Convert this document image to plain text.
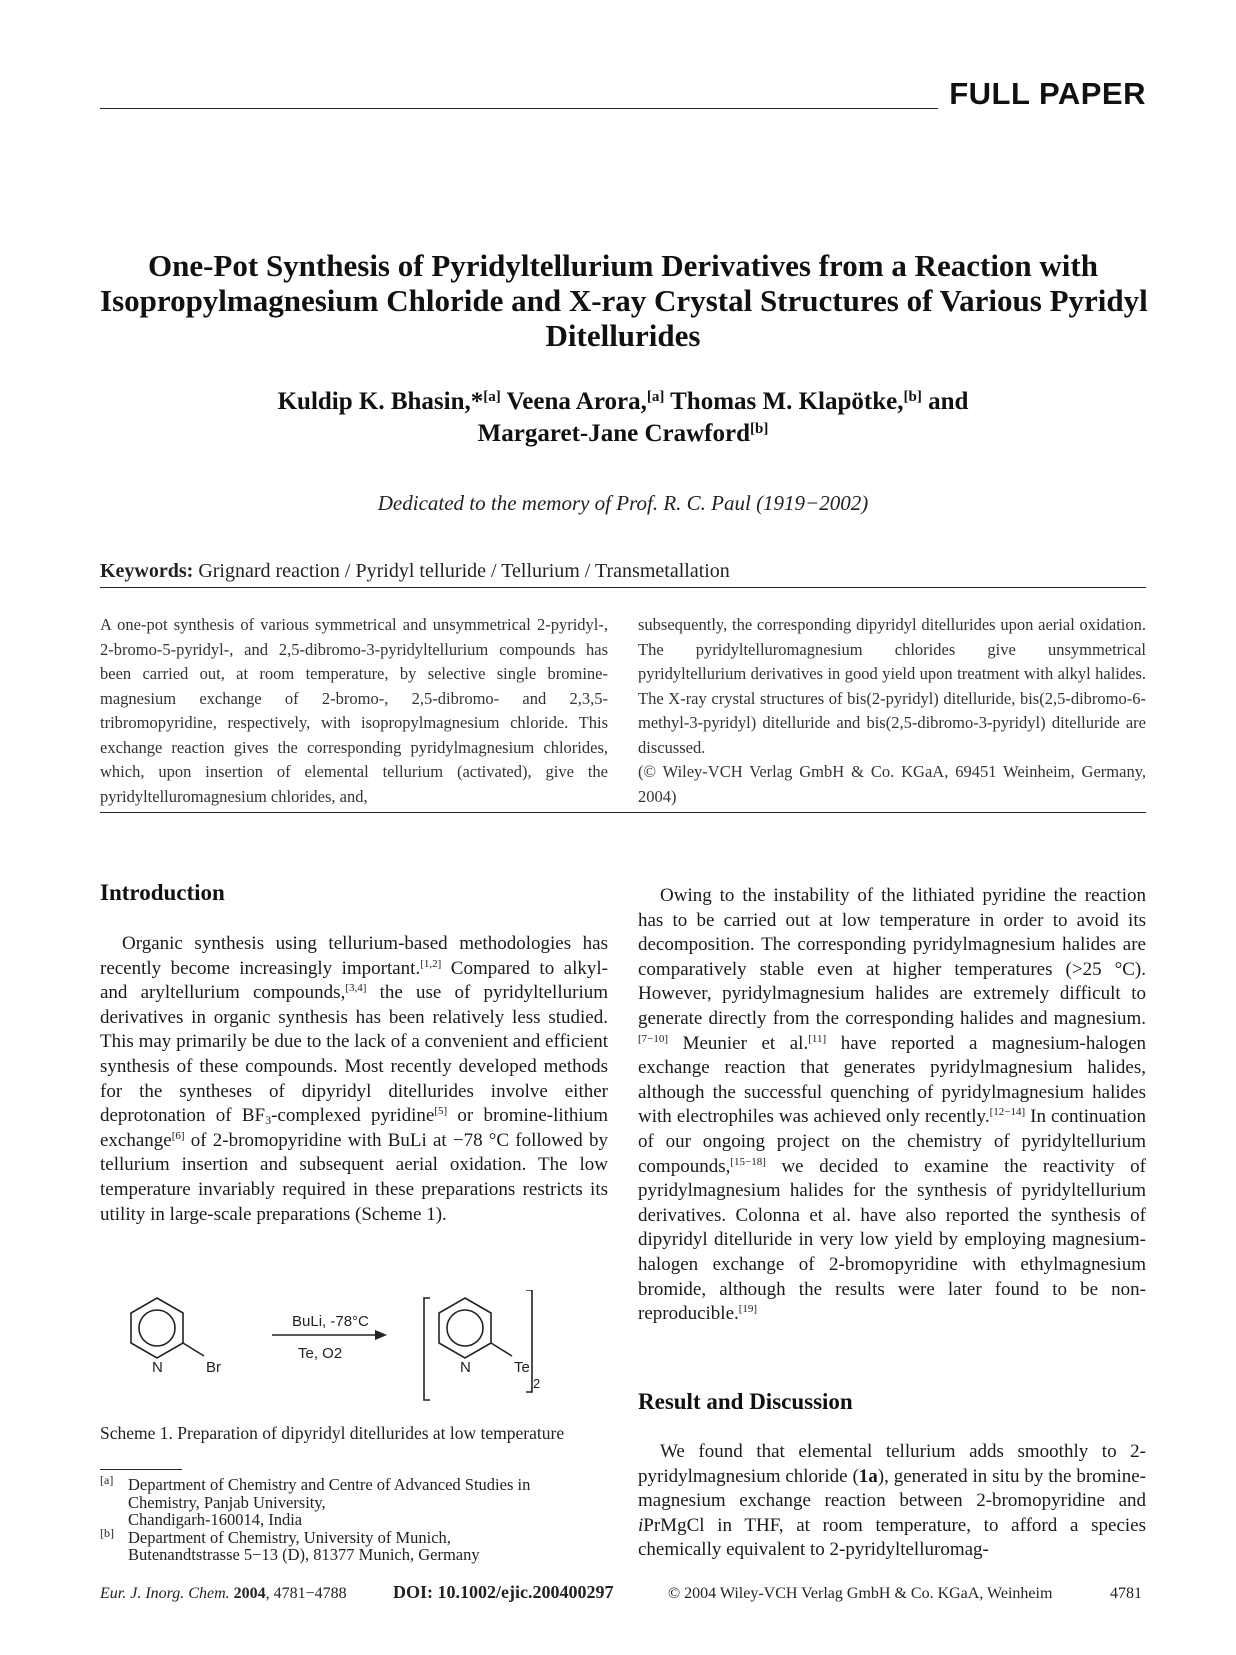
FULL PAPER
One-Pot Synthesis of Pyridyltellurium Derivatives from a Reaction with
Isopropylmagnesium Chloride and X-ray Crystal Structures of Various Pyridyl
Ditellurides
Kuldip K. Bhasin,*[a] Veena Arora,[a] Thomas M. Klapötke,[b] and
Margaret-Jane Crawford[b]
Dedicated to the memory of Prof. R. C. Paul (1919−2002)
Keywords: Grignard reaction / Pyridyl telluride / Tellurium / Transmetallation

A one-pot synthesis of various symmetrical and unsymmetrical 2-pyridyl-, 2-bromo-5-pyridyl-, and 2,5-dibromo-3-pyridyltellurium compounds has been carried out, at room temperature, by selective single bromine-magnesium exchange of 2-bromo-, 2,5-dibromo- and 2,3,5-tribromopyridine, respectively, with isopropylmagnesium chloride. This exchange reaction gives the corresponding pyridylmagnesium chlorides, which, upon insertion of elemental tellurium (activated), give the pyridyltelluromagnesium chlorides, and,

subsequently, the corresponding dipyridyl ditellurides upon aerial oxidation. The pyridyltelluromagnesium chlorides give unsymmetrical pyridyltellurium derivatives in good yield upon treatment with alkyl halides. The X-ray crystal structures of bis(2-pyridyl) ditelluride, bis(2,5-dibromo-6-methyl-3-pyridyl) ditelluride and bis(2,5-dibromo-3-pyridyl) ditelluride are discussed.

(© Wiley-VCH Verlag GmbH & Co. KGaA, 69451 Weinheim, Germany, 2004)

Introduction

Organic synthesis using tellurium-based methodologies has recently become increasingly important.[1,2] Compared to alkyl- and aryltellurium compounds,[3,4] the use of pyridyltellurium derivatives in organic synthesis has been relatively less studied. This may primarily be due to the lack of a convenient and efficient synthesis of these compounds. Most recently developed methods for the syntheses of dipyridyl ditellurides involve either deprotonation of $BF_3$-complexed pyridine[5] or bromine-lithium exchange[6] of 2-bromopyridine with BuLi at −78 °C followed by tellurium insertion and subsequent aerial oxidation. The low temperature invariably required in these preparations restricts its utility in large-scale preparations (Scheme 1).

N	Br
BuLi, -78°C
Te, O2
N	Te
2
Scheme 1. Preparation of dipyridyl ditellurides at low temperature
[a] Department of Chemistry and Centre of Advanced Studies in
Chemistry, Panjab University,
Chandigarh-160014, India
[b] Department of Chemistry, University of Munich,
Butenandtstrasse 5−13 (D), 81377 Munich, Germany

Owing to the instability of the lithiated pyridine the reaction has to be carried out at low temperature in order to avoid its decomposition. The corresponding pyridylmagnesium halides are comparatively stable even at higher temperatures (>25 °C). However, pyridylmagnesium halides are extremely difficult to generate directly from the corresponding halides and magnesium.[7−10] Meunier et al.[11] have reported a magnesium-halogen exchange reaction that generates pyridylmagnesium halides, although the successful quenching of pyridylmagnesium halides with electrophiles was achieved only recently.[12−14] In continuation of our ongoing project on the chemistry of pyridyltellurium compounds,[15−18] we decided to examine the reactivity of pyridylmagnesium halides for the synthesis of pyridyltellurium derivatives. Colonna et al. have also reported the synthesis of dipyridyl ditelluride in very low yield by employing magnesium-halogen exchange of 2-bromopyridine with ethylmagnesium bromide, although the results were later found to be non-reproducible.[19]

Result and Discussion

We found that elemental tellurium adds smoothly to 2-pyridylmagnesium chloride (1a), generated in situ by the bromine-magnesium exchange reaction between 2-bromopyridine and iPrMgCl in THF, at room temperature, to afford a species chemically equivalent to 2-pyridyltelluromag-

Eur. J. Inorg. Chem. 2004, 4781−4788	DOI: 10.1002/ejic.200400297	© 2004 Wiley-VCH Verlag GmbH & Co. KGaA, Weinheim	4781
